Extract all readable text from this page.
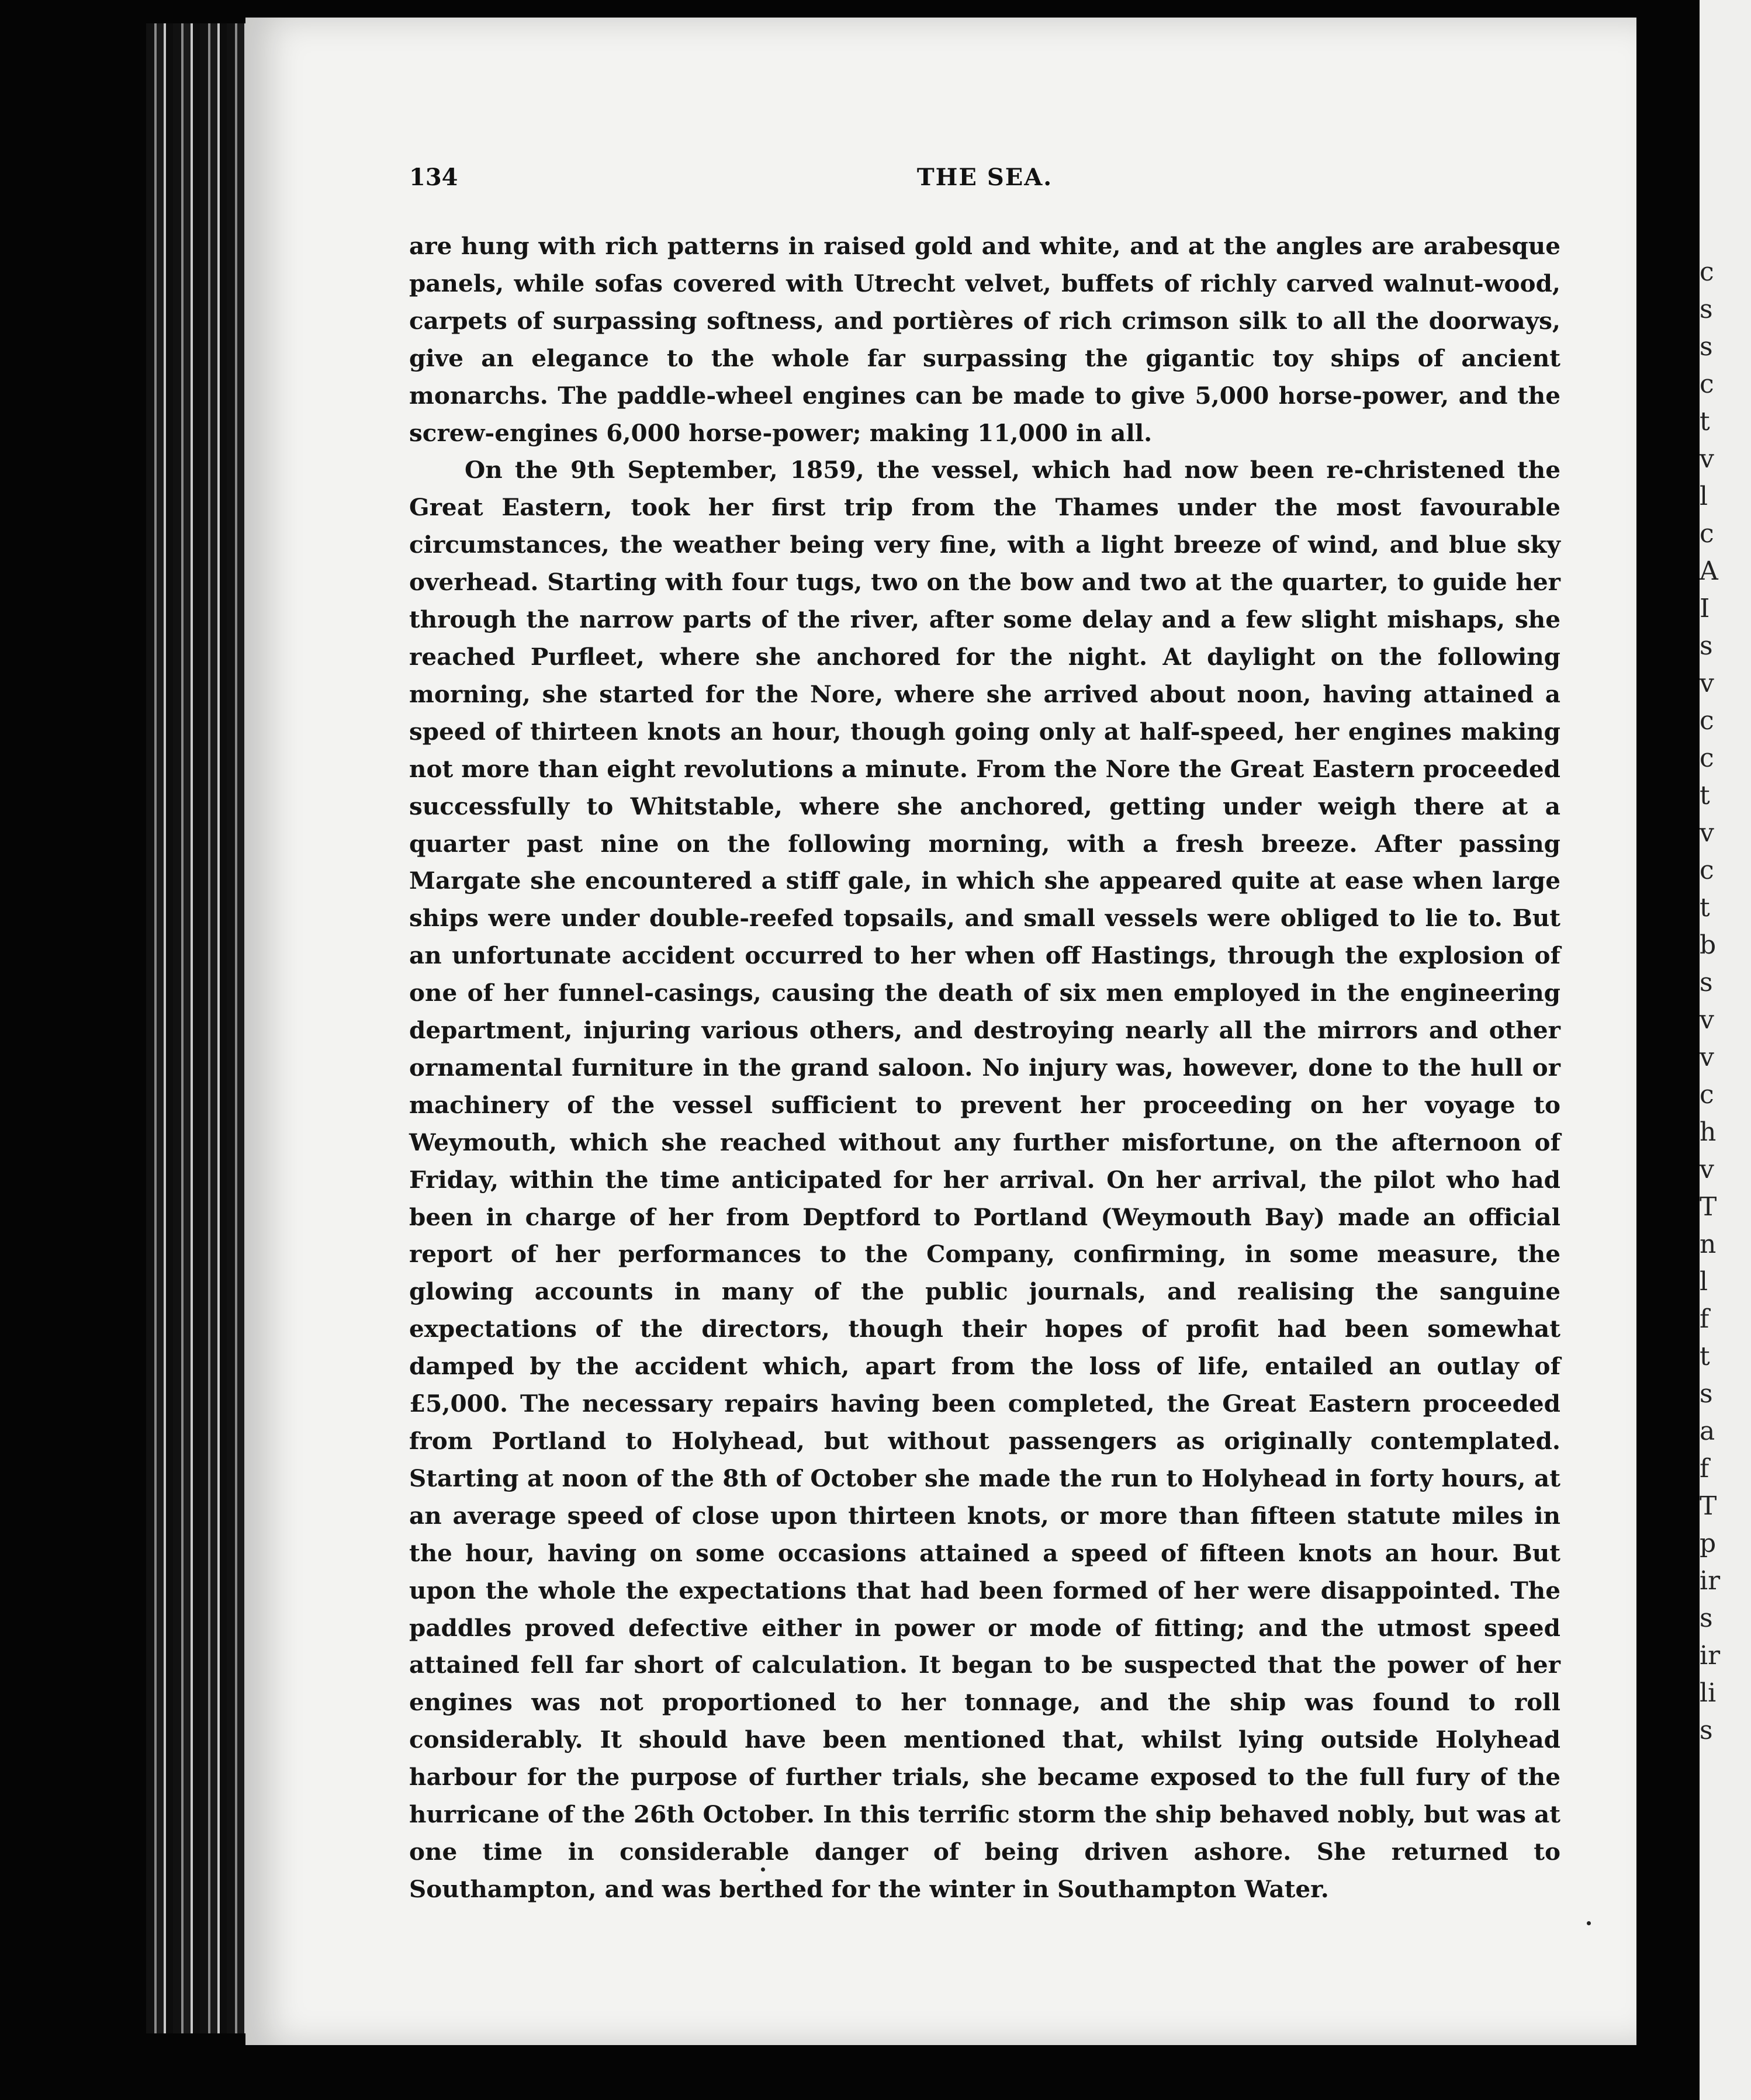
134	THE SEA.

are hung with rich patterns in raised gold and white, and at the angles are arabesque panels, while sofas covered with Utrecht velvet, buffets of richly carved walnut-wood, carpets of surpassing softness, and portières of rich crimson silk to all the doorways, give an elegance to the whole far surpassing the gigantic toy ships of ancient monarchs. The paddle-wheel engines can be made to give 5,000 horse-power, and the screw-engines 6,000 horse-power; making 11,000 in all.

On the 9th September, 1859, the vessel, which had now been re-christened the Great Eastern, took her first trip from the Thames under the most favourable circumstances, the weather being very fine, with a light breeze of wind, and blue sky overhead. Starting with four tugs, two on the bow and two at the quarter, to guide her through the narrow parts of the river, after some delay and a few slight mishaps, she reached Purfleet, where she anchored for the night. At daylight on the following morning, she started for the Nore, where she arrived about noon, having attained a speed of thirteen knots an hour, though going only at half-speed, her engines making not more than eight revolutions a minute. From the Nore the Great Eastern proceeded successfully to Whitstable, where she anchored, getting under weigh there at a quarter past nine on the following morning, with a fresh breeze. After passing Margate she encountered a stiff gale, in which she appeared quite at ease when large ships were under double-reefed topsails, and small vessels were obliged to lie to. But an unfortunate accident occurred to her when off Hastings, through the explosion of one of her funnel-casings, causing the death of six men employed in the engineering department, injuring various others, and destroying nearly all the mirrors and other ornamental furniture in the grand saloon. No injury was, however, done to the hull or machinery of the vessel sufficient to prevent her proceeding on her voyage to Weymouth, which she reached without any further misfortune, on the afternoon of Friday, within the time anticipated for her arrival. On her arrival, the pilot who had been in charge of her from Deptford to Portland (Weymouth Bay) made an official report of her performances to the Company, confirming, in some measure, the glowing accounts in many of the public journals, and realising the sanguine expectations of the directors, though their hopes of profit had been somewhat damped by the accident which, apart from the loss of life, entailed an outlay of £5,000. The necessary repairs having been completed, the Great Eastern proceeded from Portland to Holyhead, but without passengers as originally contemplated. Starting at noon of the 8th of October she made the run to Holyhead in forty hours, at an average speed of close upon thirteen knots, or more than fifteen statute miles in the hour, having on some occasions attained a speed of fifteen knots an hour. But upon the whole the expectations that had been formed of her were disappointed. The paddles proved defective either in power or mode of fitting; and the utmost speed attained fell far short of calculation. It began to be suspected that the power of her engines was not proportioned to her tonnage, and the ship was found to roll considerably. It should have been mentioned that, whilst lying outside Holyhead harbour for the purpose of further trials, she became exposed to the full fury of the hurricane of the 26th October. In this terrific storm the ship behaved nobly, but was at one time in considerable danger of being driven ashore. She returned to Southampton, and was berthed for the winter in Southampton Water.

c
s
s
c
t
v
l
c
A
I
s
v
c
c
t
v
c
t
b
s
v
v
c
h
v
T
n
l
f
t
s
a
f
T
p
ir
s
ir
li
s
